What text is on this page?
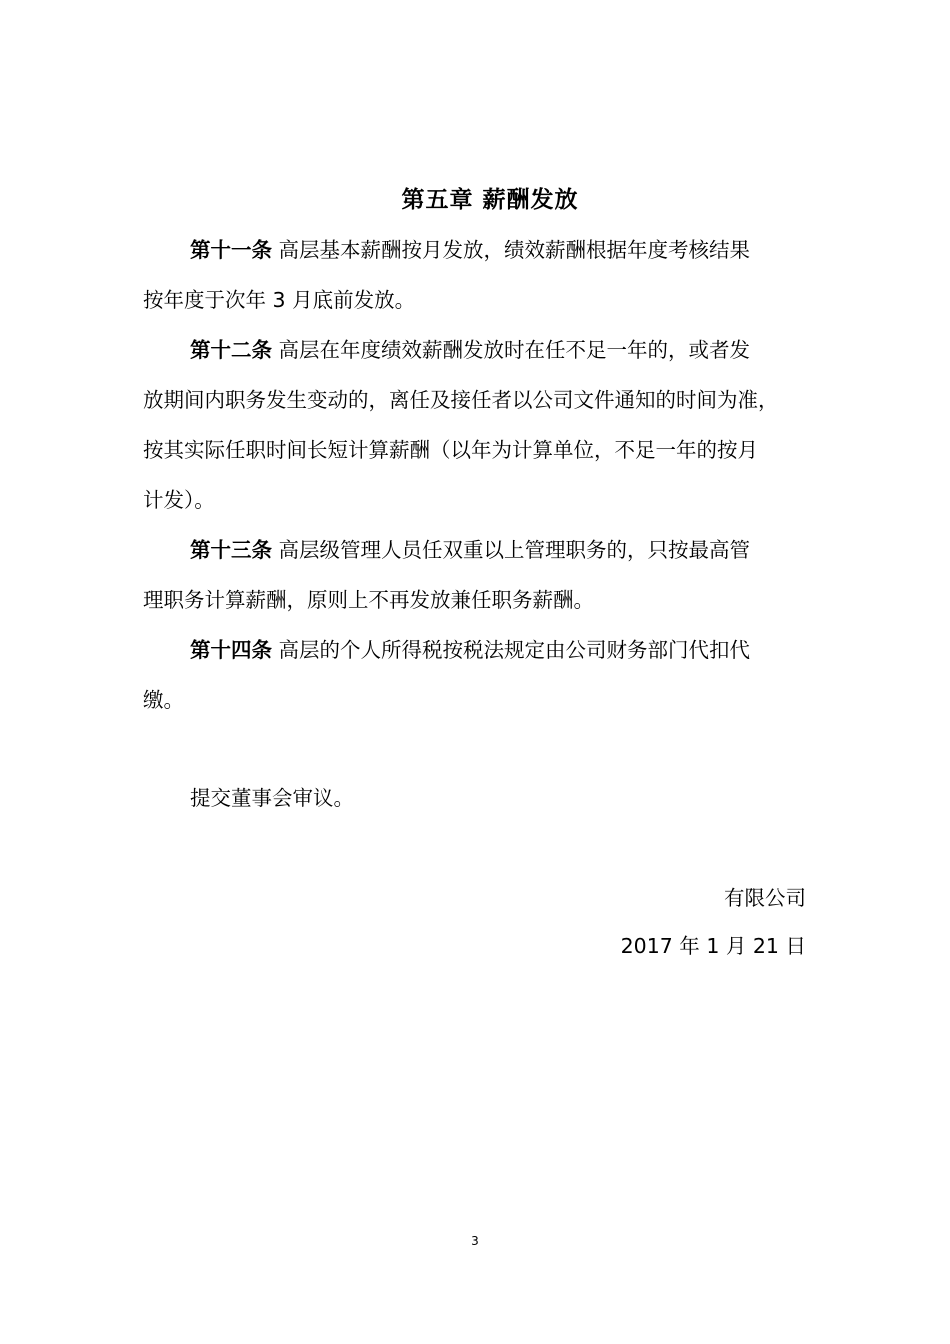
第五章 薪酬发放
第十一条 高层基本薪酬按月发放，绩效薪酬根据年度考核结果
按年度于次年 3 月底前发放。
第十二条 高层在年度绩效薪酬发放时在任不足一年的，或者发
放期间内职务发生变动的，离任及接任者以公司文件通知的时间为准，
按其实际任职时间长短计算薪酬（以年为计算单位，不足一年的按月
计发）。
第十三条 高层级管理人员任双重以上管理职务的，只按最高管
理职务计算薪酬，原则上不再发放兼任职务薪酬。
第十四条 高层的个人所得税按税法规定由公司财务部门代扣代
缴。
提交董事会审议。
有限公司
2017 年 1 月 21 日
3
